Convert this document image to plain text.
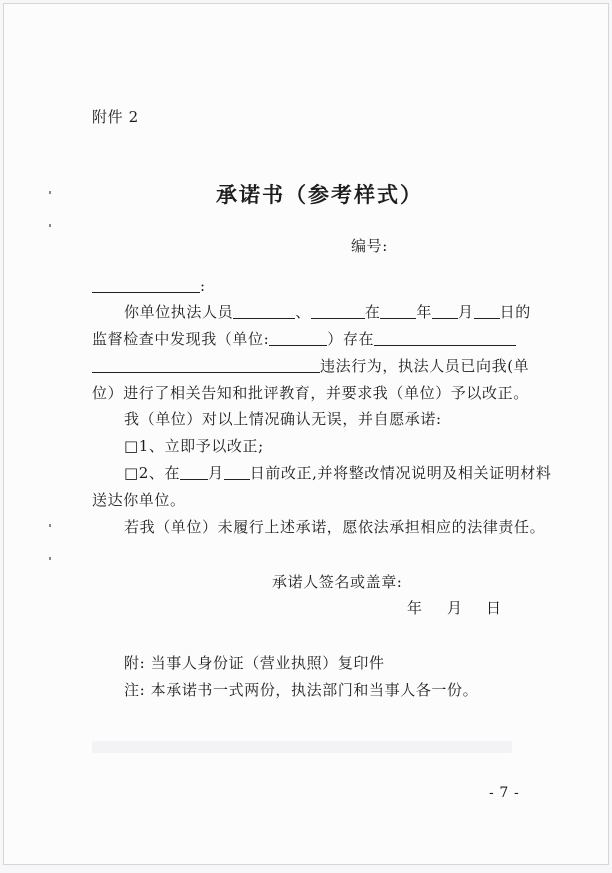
附件 2
承诺书（参考样式）
编号:
:
你单位执法人员	、	在 年 月 日的
监督检查中发现我（单位:	）存在
违法行为，执法人员已向我(单
位）进行了相关告知和批评教育，并要求我（单位）予以改正。
我（单位）对以上情况确认无误，并自愿承诺:
□1、立即予以改正;
□2、在 月 日前改正,并将整改情况说明及相关证明材料
送达你单位。
若我（单位）未履行上述承诺，愿依法承担相应的法律责任。
承诺人签名或盖章:
年 月 日
附: 当事人身份证（营业执照）复印件
注: 本承诺书一式两份，执法部门和当事人各一份。
- 7 -
